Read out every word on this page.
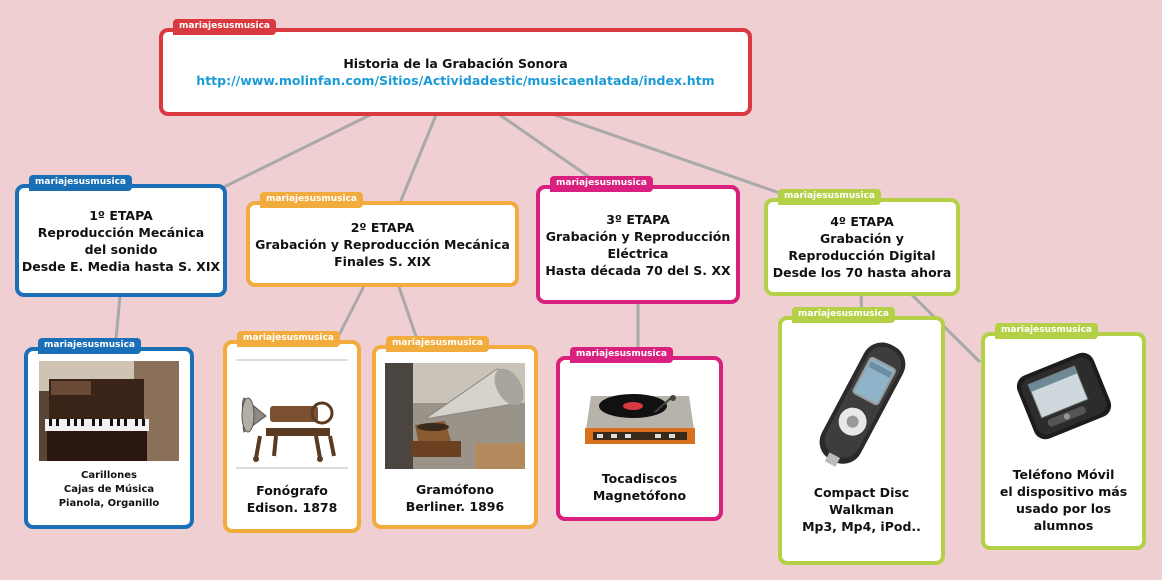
mariajesusmusica
Historia de la Grabación Sonora
http://www.molinfan.com/Sitios/Actividadestic/musicaenlatada/index.htm
mariajesusmusica
1º ETAPA
Reproducción Mecánica
del sonido
Desde E. Media hasta S. XIX
mariajesusmusica
2º ETAPA
Grabación y Reproducción Mecánica
Finales S. XIX
mariajesusmusica
3º ETAPA
Grabación y Reproducción
Eléctrica
Hasta década 70 del S. XX
mariajesusmusica
4º ETAPA
Grabación y
Reproducción Digital
Desde los 70 hasta ahora
mariajesusmusica
Carillones
Cajas de Música
Pianola, Organillo
mariajesusmusica
Fonógrafo
Edison. 1878
mariajesusmusica
Gramófono
Berliner. 1896
mariajesusmusica
Tocadiscos
Magnetófono
mariajesusmusica
Compact Disc
Walkman
Mp3, Mp4, iPod..
mariajesusmusica
Teléfono Móvil
el dispositivo más
usado por los
alumnos
